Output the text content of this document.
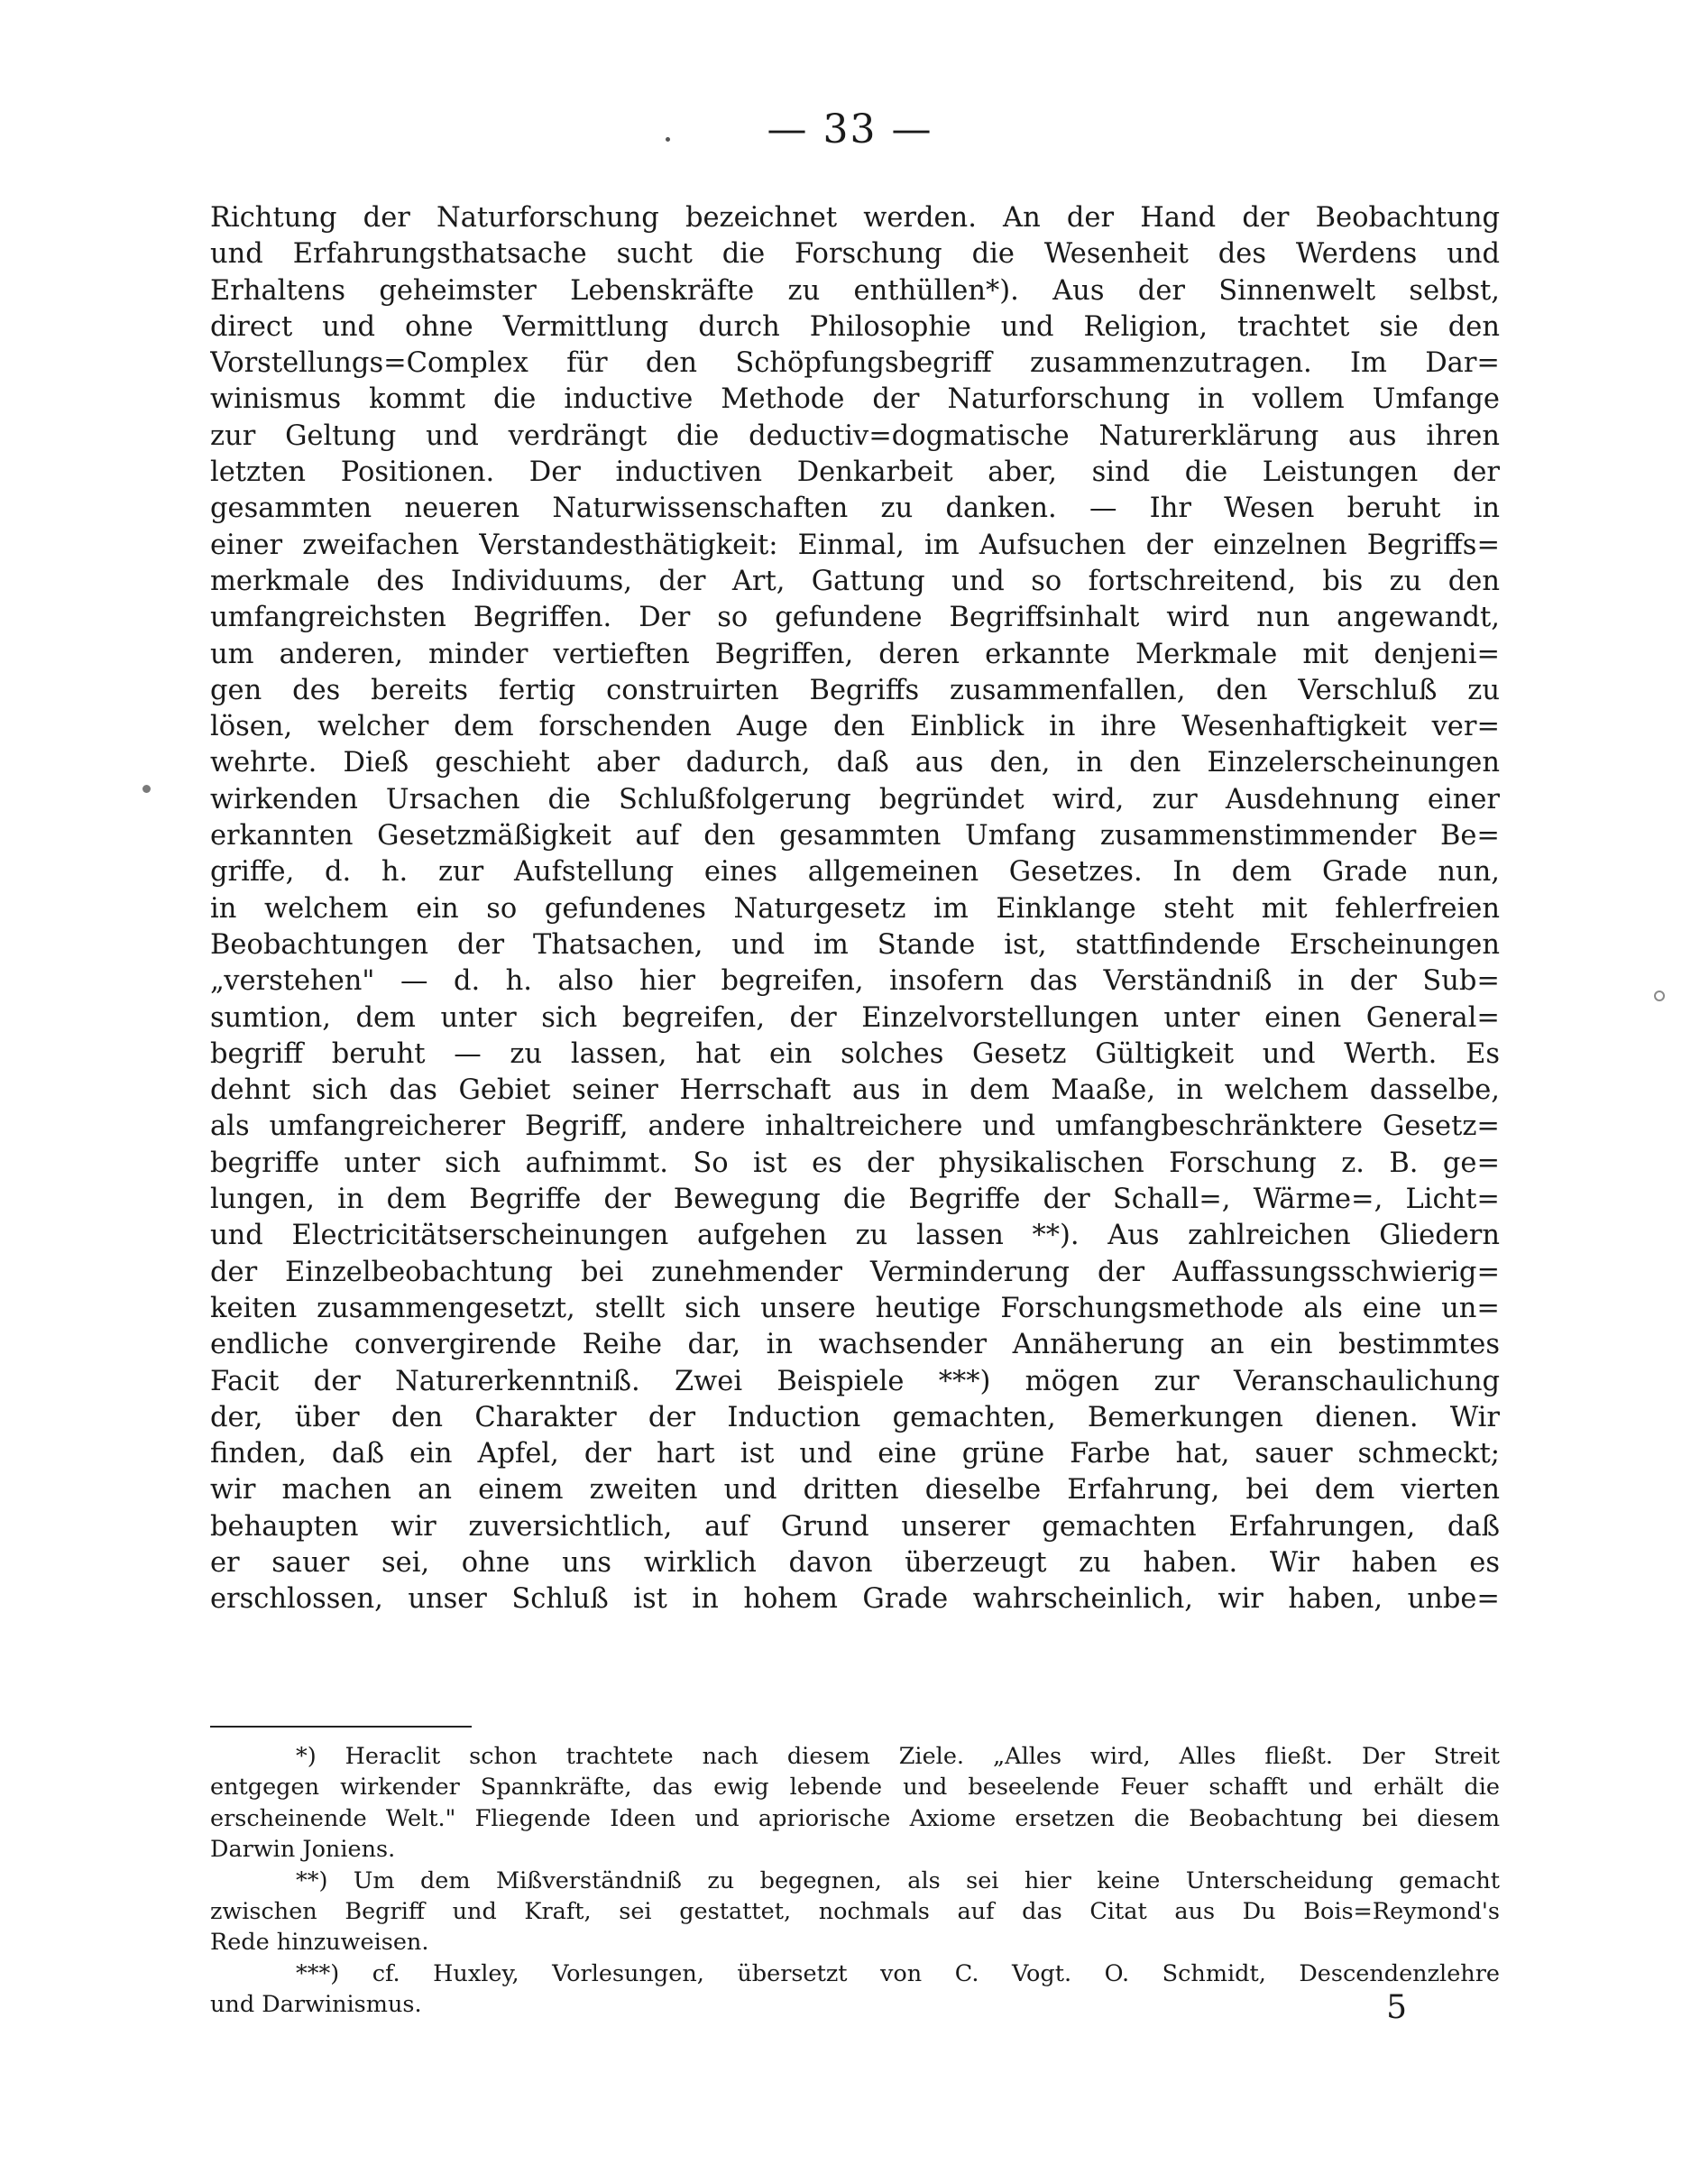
— 33 —
Richtung der Naturforschung bezeichnet werden. An der Hand der Beobachtung
und Erfahrungsthatsache sucht die Forschung die Wesenheit des Werdens und
Erhaltens geheimster Lebenskräfte zu enthüllen*). Aus der Sinnenwelt selbst,
direct und ohne Vermittlung durch Philosophie und Religion, trachtet sie den
Vorstellungs=Complex für den Schöpfungsbegriff zusammenzutragen. Im Dar=
winismus kommt die inductive Methode der Naturforschung in vollem Umfange
zur Geltung und verdrängt die deductiv=dogmatische Naturerklärung aus ihren
letzten Positionen. Der inductiven Denkarbeit aber, sind die Leistungen der
gesammten neueren Naturwissenschaften zu danken. — Ihr Wesen beruht in
einer zweifachen Verstandesthätigkeit: Einmal, im Aufsuchen der einzelnen Begriffs=
merkmale des Individuums, der Art, Gattung und so fortschreitend, bis zu den
umfangreichsten Begriffen. Der so gefundene Begriffsinhalt wird nun angewandt,
um anderen, minder vertieften Begriffen, deren erkannte Merkmale mit denjeni=
gen des bereits fertig construirten Begriffs zusammenfallen, den Verschluß zu
lösen, welcher dem forschenden Auge den Einblick in ihre Wesenhaftigkeit ver=
wehrte. Dieß geschieht aber dadurch, daß aus den, in den Einzelerscheinungen
wirkenden Ursachen die Schlußfolgerung begründet wird, zur Ausdehnung einer
erkannten Gesetzmäßigkeit auf den gesammten Umfang zusammenstimmender Be=
griffe, d. h. zur Aufstellung eines allgemeinen Gesetzes. In dem Grade nun,
in welchem ein so gefundenes Naturgesetz im Einklange steht mit fehlerfreien
Beobachtungen der Thatsachen, und im Stande ist, stattfindende Erscheinungen
„verstehen" — d. h. also hier begreifen, insofern das Verständniß in der Sub=
sumtion, dem unter sich begreifen, der Einzelvorstellungen unter einen General=
begriff beruht — zu lassen, hat ein solches Gesetz Gültigkeit und Werth. Es
dehnt sich das Gebiet seiner Herrschaft aus in dem Maaße, in welchem dasselbe,
als umfangreicherer Begriff, andere inhaltreichere und umfangbeschränktere Gesetz=
begriffe unter sich aufnimmt. So ist es der physikalischen Forschung z. B. ge=
lungen, in dem Begriffe der Bewegung die Begriffe der Schall=, Wärme=, Licht=
und Electricitätserscheinungen aufgehen zu lassen **). Aus zahlreichen Gliedern
der Einzelbeobachtung bei zunehmender Verminderung der Auffassungsschwierig=
keiten zusammengesetzt, stellt sich unsere heutige Forschungsmethode als eine un=
endliche convergirende Reihe dar, in wachsender Annäherung an ein bestimmtes
Facit der Naturerkenntniß. Zwei Beispiele ***) mögen zur Veranschaulichung
der, über den Charakter der Induction gemachten, Bemerkungen dienen. Wir
finden, daß ein Apfel, der hart ist und eine grüne Farbe hat, sauer schmeckt;
wir machen an einem zweiten und dritten dieselbe Erfahrung, bei dem vierten
behaupten wir zuversichtlich, auf Grund unserer gemachten Erfahrungen, daß
er sauer sei, ohne uns wirklich davon überzeugt zu haben. Wir haben es
erschlossen, unser Schluß ist in hohem Grade wahrscheinlich, wir haben, unbe=
*) Heraclit schon trachtete nach diesem Ziele. „Alles wird, Alles fließt. Der Streit
entgegen wirkender Spannkräfte, das ewig lebende und beseelende Feuer schafft und erhält die
erscheinende Welt." Fliegende Ideen und apriorische Axiome ersetzen die Beobachtung bei diesem
Darwin Joniens.
**) Um dem Mißverständniß zu begegnen, als sei hier keine Unterscheidung gemacht
zwischen Begriff und Kraft, sei gestattet, nochmals auf das Citat aus Du Bois=Reymond's
Rede hinzuweisen.
***) cf. Huxley, Vorlesungen, übersetzt von C. Vogt. O. Schmidt, Descendenzlehre
und Darwinismus.	5
